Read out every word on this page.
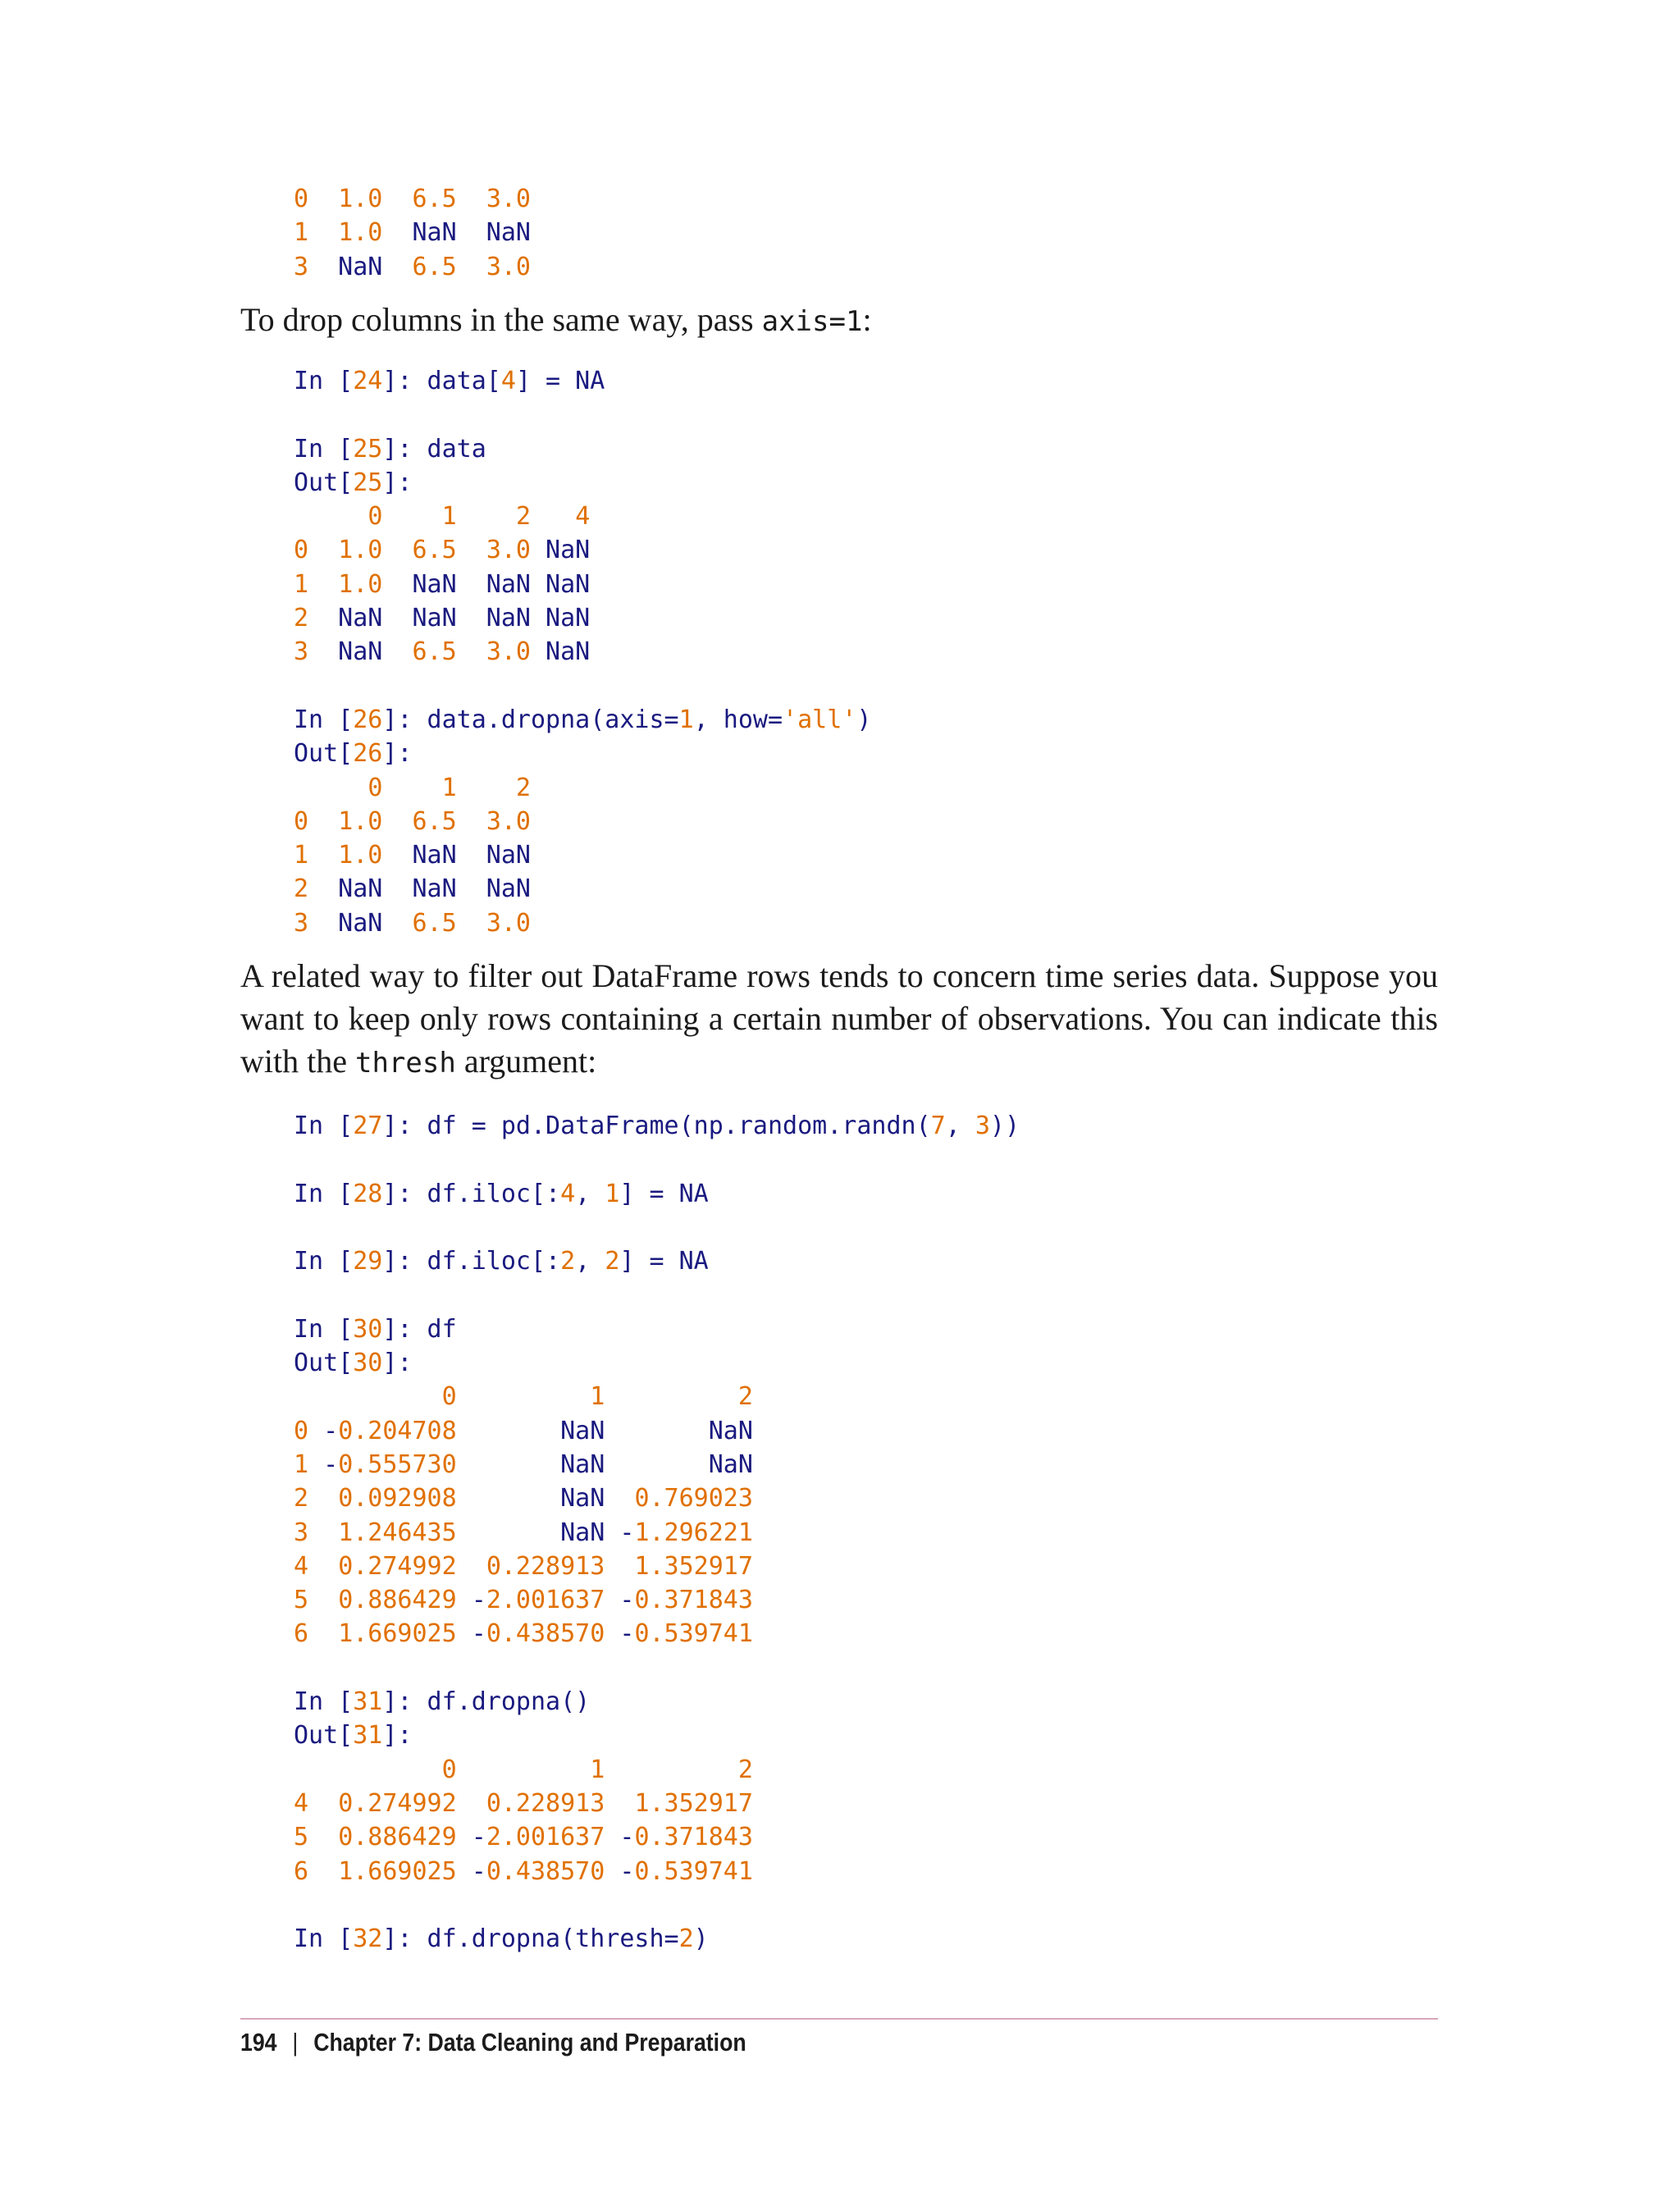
0 1.0 6.5 3.0
1 1.0  NaN  NaN
3  NaN  6.5 3.0

To drop columns in the same way, pass axis=1:

In [24]: data[4] = NA
In [25]: data
Out[25]:
0 1 2 4
0 1.0 6.5 3.0 NaN
1 1.0  NaN  NaN NaN
2  NaN  NaN  NaN NaN
3  NaN  6.5 3.0 NaN
In [26]: data.dropna(axis=1, how='all')
Out[26]:
0 1 2
0 1.0 6.5 3.0
1 1.0  NaN  NaN
2  NaN  NaN  NaN
3  NaN  6.5 3.0

A related way to filter out DataFrame rows tends to concern time series data. Suppose you want to keep only rows containing a certain number of observations. You can indicate this with the thresh argument:

In [27]: df = pd.DataFrame(np.random.randn(7, 3))
In [28]: df.iloc[:4, 1] = NA
In [29]: df.iloc[:2, 2] = NA
In [30]: df
Out[30]:
0	1	2
0 -0.204708       NaN       NaN
1 -0.555730       NaN       NaN
2 0.092908       NaN  0.769023
3 1.246435       NaN -1.296221
4 0.274992 0.228913 1.352917
5 0.886429 -2.001637 -0.371843
6 1.669025 -0.438570 -0.539741
In [31]: df.dropna()
Out[31]:
0	1	2
4 0.274992 0.228913 1.352917
5 0.886429 -2.001637 -0.371843
6 1.669025 -0.438570 -0.539741
In [32]: df.dropna(thresh=2)
194 | Chapter 7: Data Cleaning and Preparation
